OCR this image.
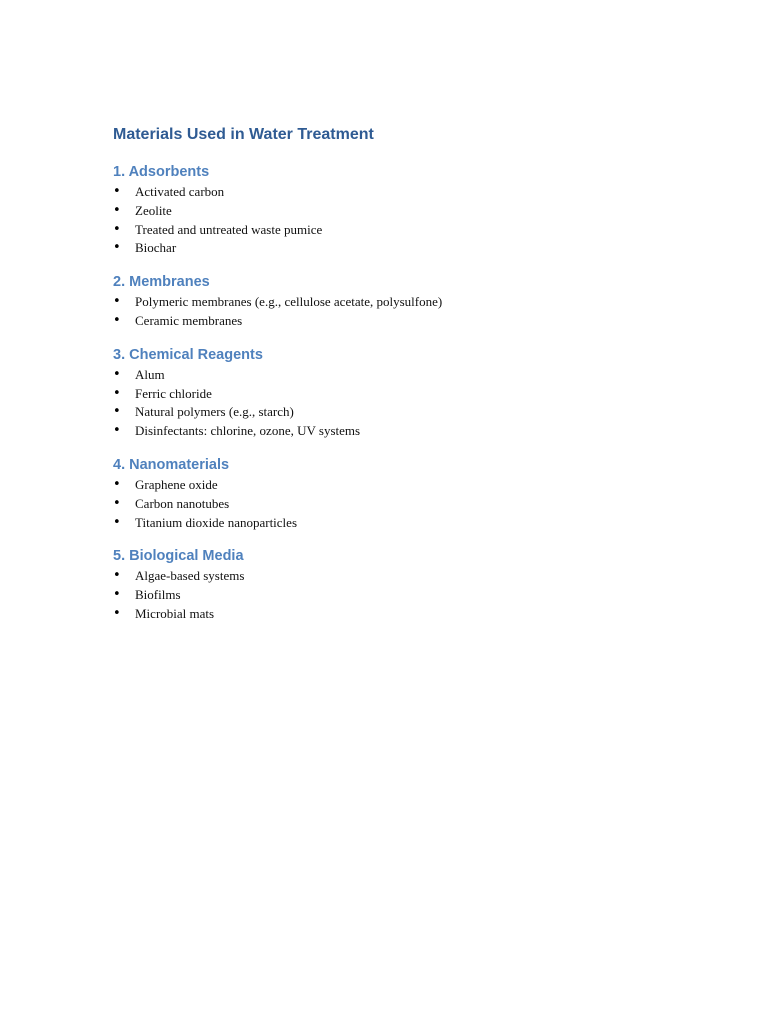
Materials Used in Water Treatment
1. Adsorbents
• Activated carbon
• Zeolite
• Treated and untreated waste pumice
• Biochar
2. Membranes
• Polymeric membranes (e.g., cellulose acetate, polysulfone)
• Ceramic membranes
3. Chemical Reagents
• Alum
• Ferric chloride
• Natural polymers (e.g., starch)
• Disinfectants: chlorine, ozone, UV systems
4. Nanomaterials
• Graphene oxide
• Carbon nanotubes
• Titanium dioxide nanoparticles
5. Biological Media
• Algae-based systems
• Biofilms
• Microbial mats
